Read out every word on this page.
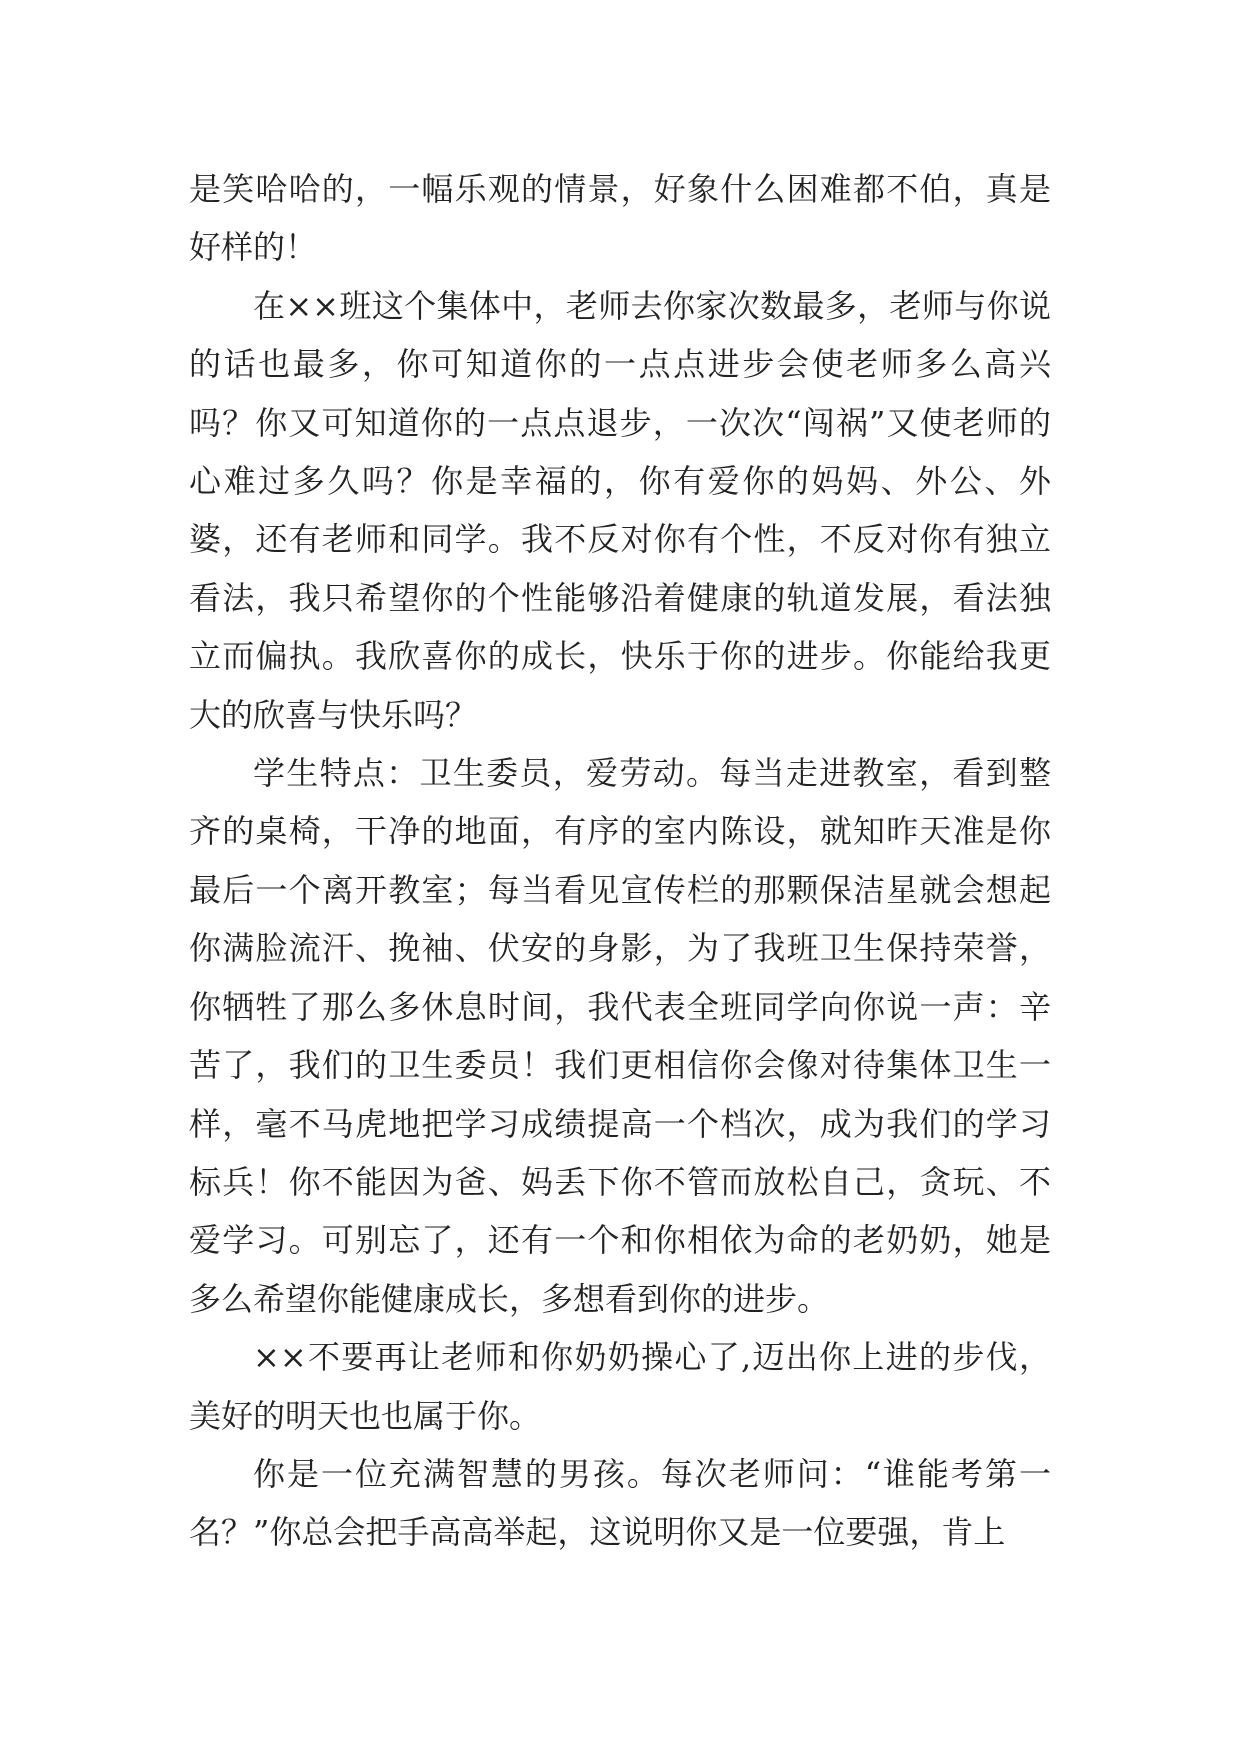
是笑哈哈的，一幅乐观的情景，好象什么困难都不伯，真是好样的！

在××班这个集体中，老师去你家次数最多，老师与你说的话也最多，你可知道你的一点点进步会使老师多么高兴吗？你又可知道你的一点点退步，一次次“闯祸”又使老师的心难过多久吗？你是幸福的，你有爱你的妈妈、外公、外婆，还有老师和同学。我不反对你有个性，不反对你有独立看法，我只希望你的个性能够沿着健康的轨道发展，看法独立而偏执。我欣喜你的成长，快乐于你的进步。你能给我更大的欣喜与快乐吗？

学生特点：卫生委员，爱劳动。每当走进教室，看到整齐的桌椅，干净的地面，有序的室内陈设，就知昨天准是你最后一个离开教室；每当看见宣传栏的那颗保洁星就会想起你满脸流汗、挽袖、伏安的身影，为了我班卫生保持荣誉，你牺牲了那么多休息时间，我代表全班同学向你说一声：辛苦了，我们的卫生委员！我们更相信你会像对待集体卫生一样，毫不马虎地把学习成绩提高一个档次，成为我们的学习标兵！你不能因为爸、妈丢下你不管而放松自己，贪玩、不爱学习。可别忘了，还有一个和你相依为命的老奶奶，她是多么希望你能健康成长，多想看到你的进步。

××不要再让老师和你奶奶操心了,迈出你上进的步伐，美好的明天也也属于你。

你是一位充满智慧的男孩。每次老师问：“谁能考第一名？”你总会把手高高举起，这说明你又是一位要强，肯上
